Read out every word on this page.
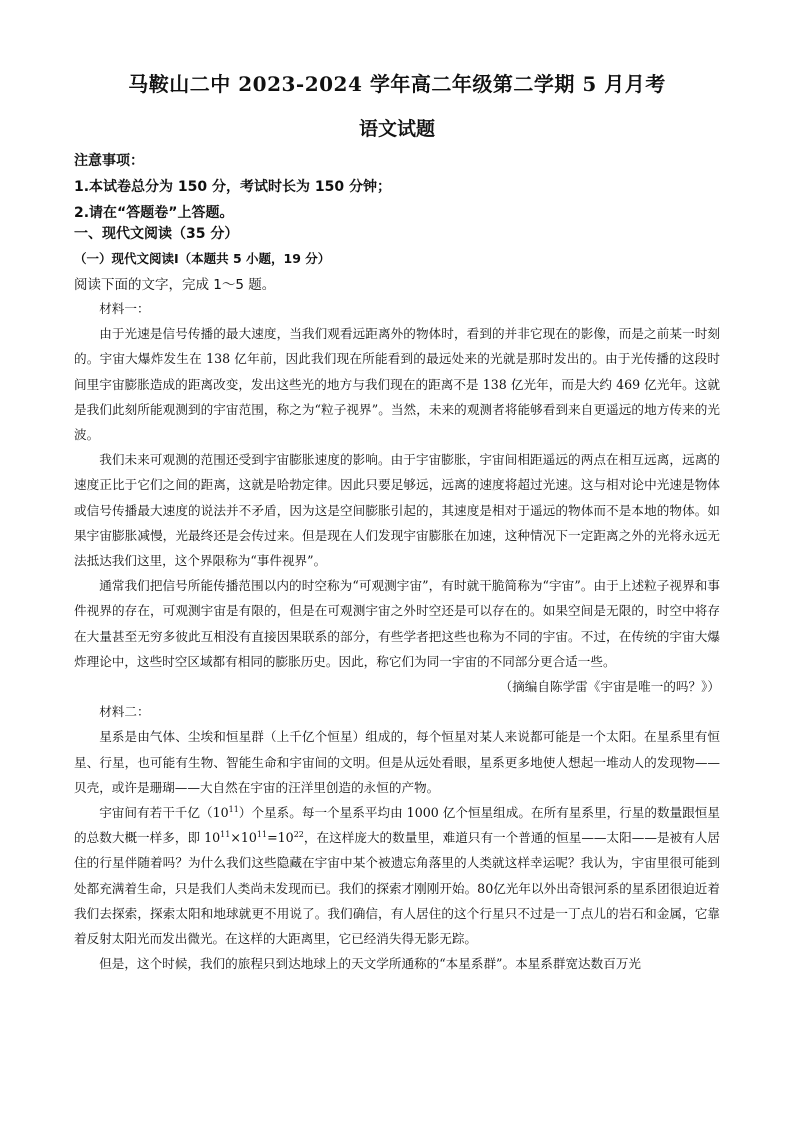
马鞍山二中 2023-2024 学年高二年级第二学期 5 月月考
语文试题
注意事项：
1.本试卷总分为 150 分，考试时长为 150 分钟；
2.请在“答题卷”上答题。
一、现代文阅读（35 分）
（一）现代文阅读Ⅰ（本题共 5 小题，19 分）
阅读下面的文字，完成 1～5 题。
材料一：

由于光速是信号传播的最大速度，当我们观看远距离外的物体时，看到的并非它现在的影像，而是之前某一时刻的。宇宙大爆炸发生在 138 亿年前，因此我们现在所能看到的最远处来的光就是那时发出的。由于光传播的这段时间里宇宙膨胀造成的距离改变，发出这些光的地方与我们现在的距离不是 138 亿光年，而是大约 469 亿光年。这就是我们此刻所能观测到的宇宙范围，称之为“粒子视界”。当然，未来的观测者将能够看到来自更遥远的地方传来的光波。

我们未来可观测的范围还受到宇宙膨胀速度的影响。由于宇宙膨胀，宇宙间相距遥远的两点在相互远离，远离的速度正比于它们之间的距离，这就是哈勃定律。因此只要足够远，远离的速度将超过光速。这与相对论中光速是物体或信号传播最大速度的说法并不矛盾，因为这是空间膨胀引起的，其速度是相对于遥远的物体而不是本地的物体。如果宇宙膨胀减慢，光最终还是会传过来。但是现在人们发现宇宙膨胀在加速，这种情况下一定距离之外的光将永远无法抵达我们这里，这个界限称为“事件视界”。

通常我们把信号所能传播范围以内的时空称为“可观测宇宙”，有时就干脆简称为“宇宙”。由于上述粒子视界和事件视界的存在，可观测宇宙是有限的，但是在可观测宇宙之外时空还是可以存在的。如果空间是无限的，时空中将存在大量甚至无穷多彼此互相没有直接因果联系的部分，有些学者把这些也称为不同的宇宙。不过，在传统的宇宙大爆炸理论中，这些时空区域都有相同的膨胀历史。因此，称它们为同一宇宙的不同部分更合适一些。

（摘编自陈学雷《宇宙是唯一的吗？》）
材料二：

星系是由气体、尘埃和恒星群（上千亿个恒星）组成的，每个恒星对某人来说都可能是一个太阳。在星系里有恒星、行星，也可能有生物、智能生命和宇宙间的文明。但是从远处看眼，星系更多地使人想起一堆动人的发现物——贝壳，或许是珊瑚——大自然在宇宙的汪洋里创造的永恒的产物。

宇宙间有若干千亿$(10^{11})$个星系。每一个星系平均由 1000 亿个恒星组成。在所有星系里，行星的数量跟恒星的总数大概一样多，即 $10^{11}\times 10^{11}=10^{22}$，在这样庞大的数量里，难道只有一个普通的恒星——太阳——是被有人居住的行星伴随着吗？为什么我们这些隐藏在宇宙中某个被遗忘角落里的人类就这样幸运呢？我认为，宇宙里很可能到处都充满着生命，只是我们人类尚未发现而已。我们的探索才刚刚开始。80亿光年以外出奇银河系的星系团很迫近着我们去探索，探索太阳和地球就更不用说了。我们确信，有人居住的这个行星只不过是一丁点儿的岩石和金属，它靠着反射太阳光而发出微光。在这样的大距离里，它已经消失得无影无踪。

但是，这个时候，我们的旅程只到达地球上的天文学所通称的“本星系群”。本星系群宽达数百万光
